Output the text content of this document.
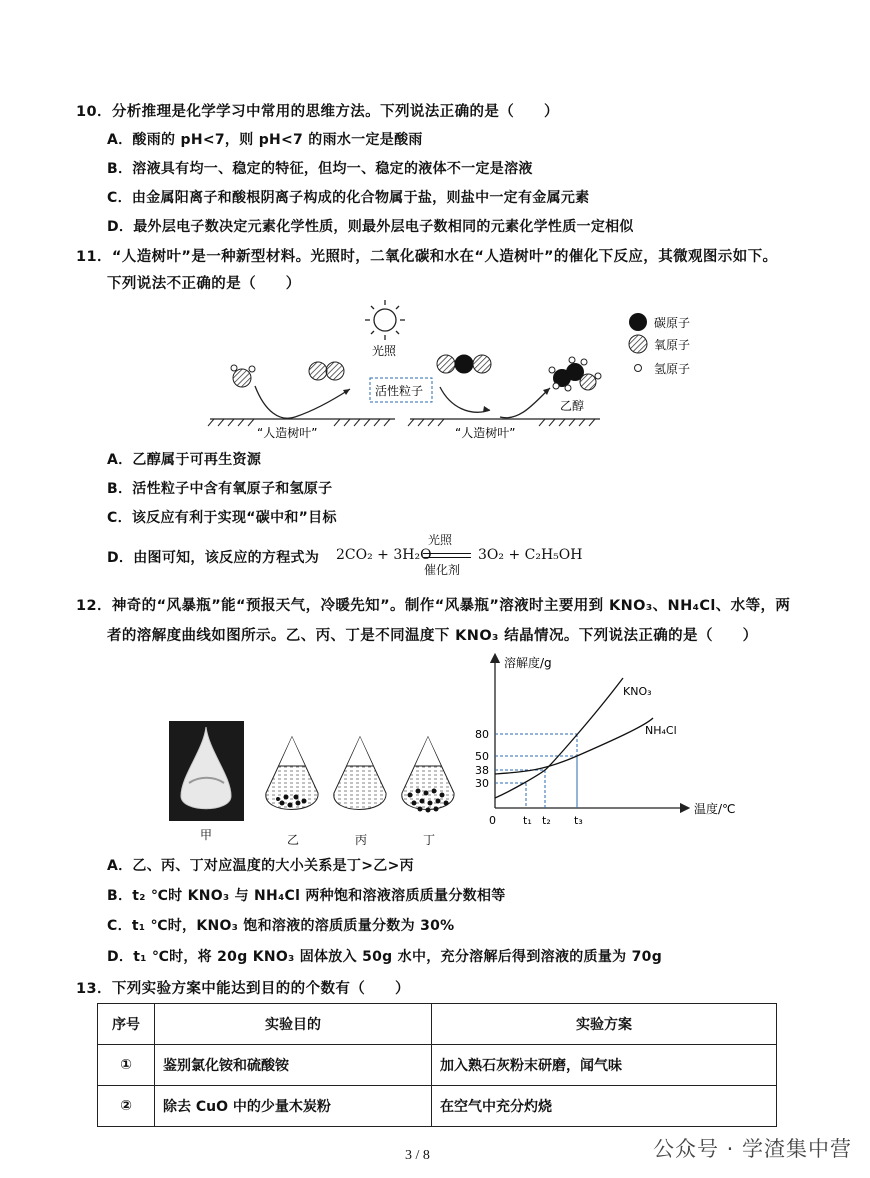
10．分析推理是化学学习中常用的思维方法。下列说法正确的是（　　）
A．酸雨的 pH<7，则 pH<7 的雨水一定是酸雨
B．溶液具有均一、稳定的特征，但均一、稳定的液体不一定是溶液
C．由金属阳离子和酸根阴离子构成的化合物属于盐，则盐中一定有金属元素
D．最外层电子数决定元素化学性质，则最外层电子数相同的元素化学性质一定相似
11．“人造树叶”是一种新型材料。光照时，二氧化碳和水在“人造树叶”的催化下反应，其微观图示如下。
下列说法不正确的是（　　）
光照
活性粒子
乙醇
“人造树叶”	“人造树叶”
碳原子
氧原子
氢原子
A．乙醇属于可再生资源
B．活性粒子中含有氧原子和氢原子
C．该反应有利于实现“碳中和”目标
D．由图可知，该反应的方程式为 2CO₂ + 3H₂O
光照
催化剂
3O₂ + C₂H₅OH
12．神奇的“风暴瓶”能“预报天气，冷暖先知”。制作“风暴瓶”溶液时主要用到 KNO₃、NH₄Cl、水等，两
者的溶解度曲线如图所示。乙、丙、丁是不同温度下 KNO₃ 结晶情况。下列说法正确的是（　　）
甲	乙	丙	丁
溶解度/g
温度/℃
30
38
50
80
0 t₁ t₂ t₃
KNO₃
NH₄Cl
A．乙、丙、丁对应温度的大小关系是丁>乙>丙
B．t₂ ℃时 KNO₃ 与 NH₄Cl 两种饱和溶液溶质质量分数相等
C．t₁ ℃时，KNO₃ 饱和溶液的溶质质量分数为 30%
D．t₁ ℃时，将 20g KNO₃ 固体放入 50g 水中，充分溶解后得到溶液的质量为 70g
13．下列实验方案中能达到目的的个数有（　　）
序号	实验目的	实验方案
①	鉴别氯化铵和硫酸铵	加入熟石灰粉末研磨，闻气味
②	除去 CuO 中的少量木炭粉	在空气中充分灼烧
3 / 8	公众号 · 学渣集中营
